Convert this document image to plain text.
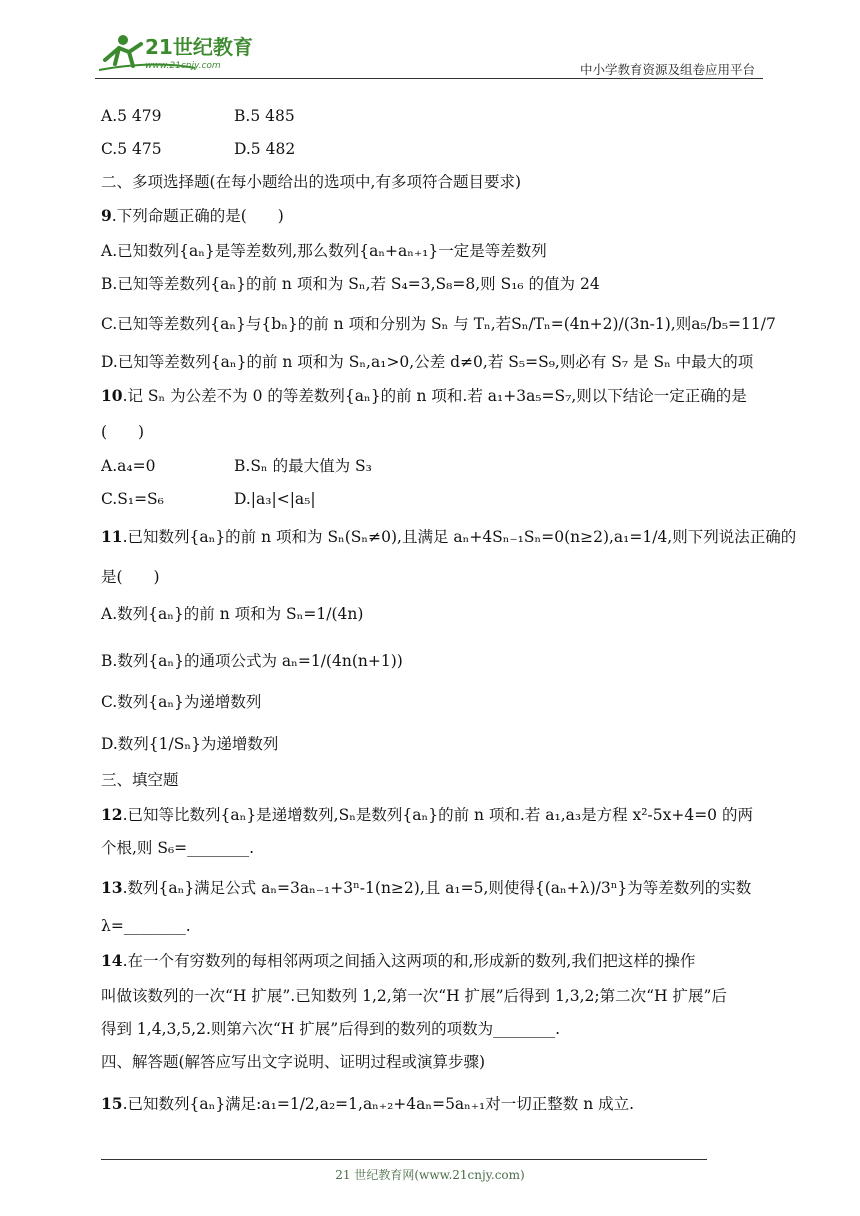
21世纪教育
www.21cnjy.com	中小学教育资源及组卷应用平台
A.5 479	B.5 485
C.5 475	D.5 482
二、多项选择题(在每小题给出的选项中,有多项符合题目要求)
9.下列命题正确的是(　　)
A.已知数列{aₙ}是等差数列,那么数列{aₙ+aₙ₊₁}一定是等差数列
B.已知等差数列{aₙ}的前 n 项和为 Sₙ,若 S₄=3,S₈=8,则 S₁₆ 的值为 24
C.已知等差数列{aₙ}与{bₙ}的前 n 项和分别为 Sₙ 与 Tₙ,若Sₙ/Tₙ=(4n+2)/(3n-1),则a₅/b₅=11/7
D.已知等差数列{aₙ}的前 n 项和为 Sₙ,a₁>0,公差 d≠0,若 S₅=S₉,则必有 S₇ 是 Sₙ 中最大的项
10.记 Sₙ 为公差不为 0 的等差数列{aₙ}的前 n 项和.若 a₁+3a₅=S₇,则以下结论一定正确的是
(　　)
A.a₄=0	B.Sₙ 的最大值为 S₃
C.S₁=S₆	D.|a₃|<|a₅|
11.已知数列{aₙ}的前 n 项和为 Sₙ(Sₙ≠0),且满足 aₙ+4Sₙ₋₁Sₙ=0(n≥2),a₁=1/4,则下列说法正确的
是(　　)
A.数列{aₙ}的前 n 项和为 Sₙ=1/(4n)
B.数列{aₙ}的通项公式为 aₙ=1/(4n(n+1))
C.数列{aₙ}为递增数列
D.数列{1/Sₙ}为递增数列
三、填空题
12.已知等比数列{aₙ}是递增数列,Sₙ是数列{aₙ}的前 n 项和.若 a₁,a₃是方程 x²-5x+4=0 的两
个根,则 S₆=________.
13.数列{aₙ}满足公式 aₙ=3aₙ₋₁+3ⁿ-1(n≥2),且 a₁=5,则使得{(aₙ+λ)/3ⁿ}为等差数列的实数
λ=________.
14.在一个有穷数列的每相邻两项之间插入这两项的和,形成新的数列,我们把这样的操作
叫做该数列的一次“H 扩展”.已知数列 1,2,第一次“H 扩展”后得到 1,3,2;第二次“H 扩展”后
得到 1,4,3,5,2.则第六次“H 扩展”后得到的数列的项数为________.
四、解答题(解答应写出文字说明、证明过程或演算步骤)
15.已知数列{aₙ}满足:a₁=1/2,a₂=1,aₙ₊₂+4aₙ=5aₙ₊₁对一切正整数 n 成立.
21 世纪教育网(www.21cnjy.com)
